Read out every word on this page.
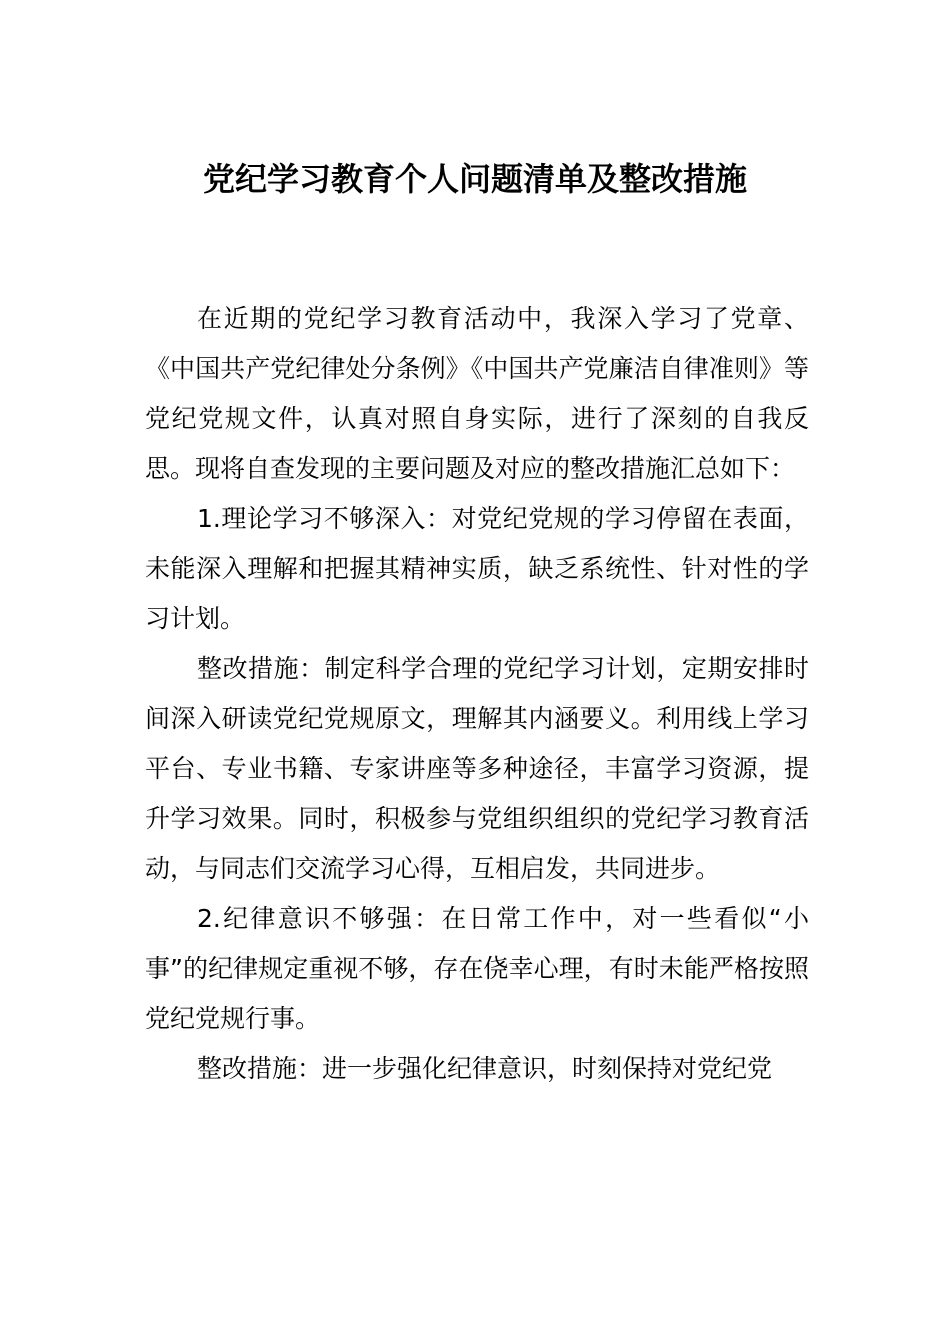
党纪学习教育个人问题清单及整改措施

在近期的党纪学习教育活动中，我深入学习了党章、《中国共产党纪律处分条例》《中国共产党廉洁自律准则》等党纪党规文件，认真对照自身实际，进行了深刻的自我反思。现将自查发现的主要问题及对应的整改措施汇总如下：

1.理论学习不够深入：对党纪党规的学习停留在表面，未能深入理解和把握其精神实质，缺乏系统性、针对性的学习计划。

整改措施：制定科学合理的党纪学习计划，定期安排时间深入研读党纪党规原文，理解其内涵要义。利用线上学习平台、专业书籍、专家讲座等多种途径，丰富学习资源，提升学习效果。同时，积极参与党组织组织的党纪学习教育活动，与同志们交流学习心得，互相启发，共同进步。

2.纪律意识不够强：在日常工作中，对一些看似“小事”的纪律规定重视不够，存在侥幸心理，有时未能严格按照党纪党规行事。

整改措施：进一步强化纪律意识，时刻保持对党纪党
